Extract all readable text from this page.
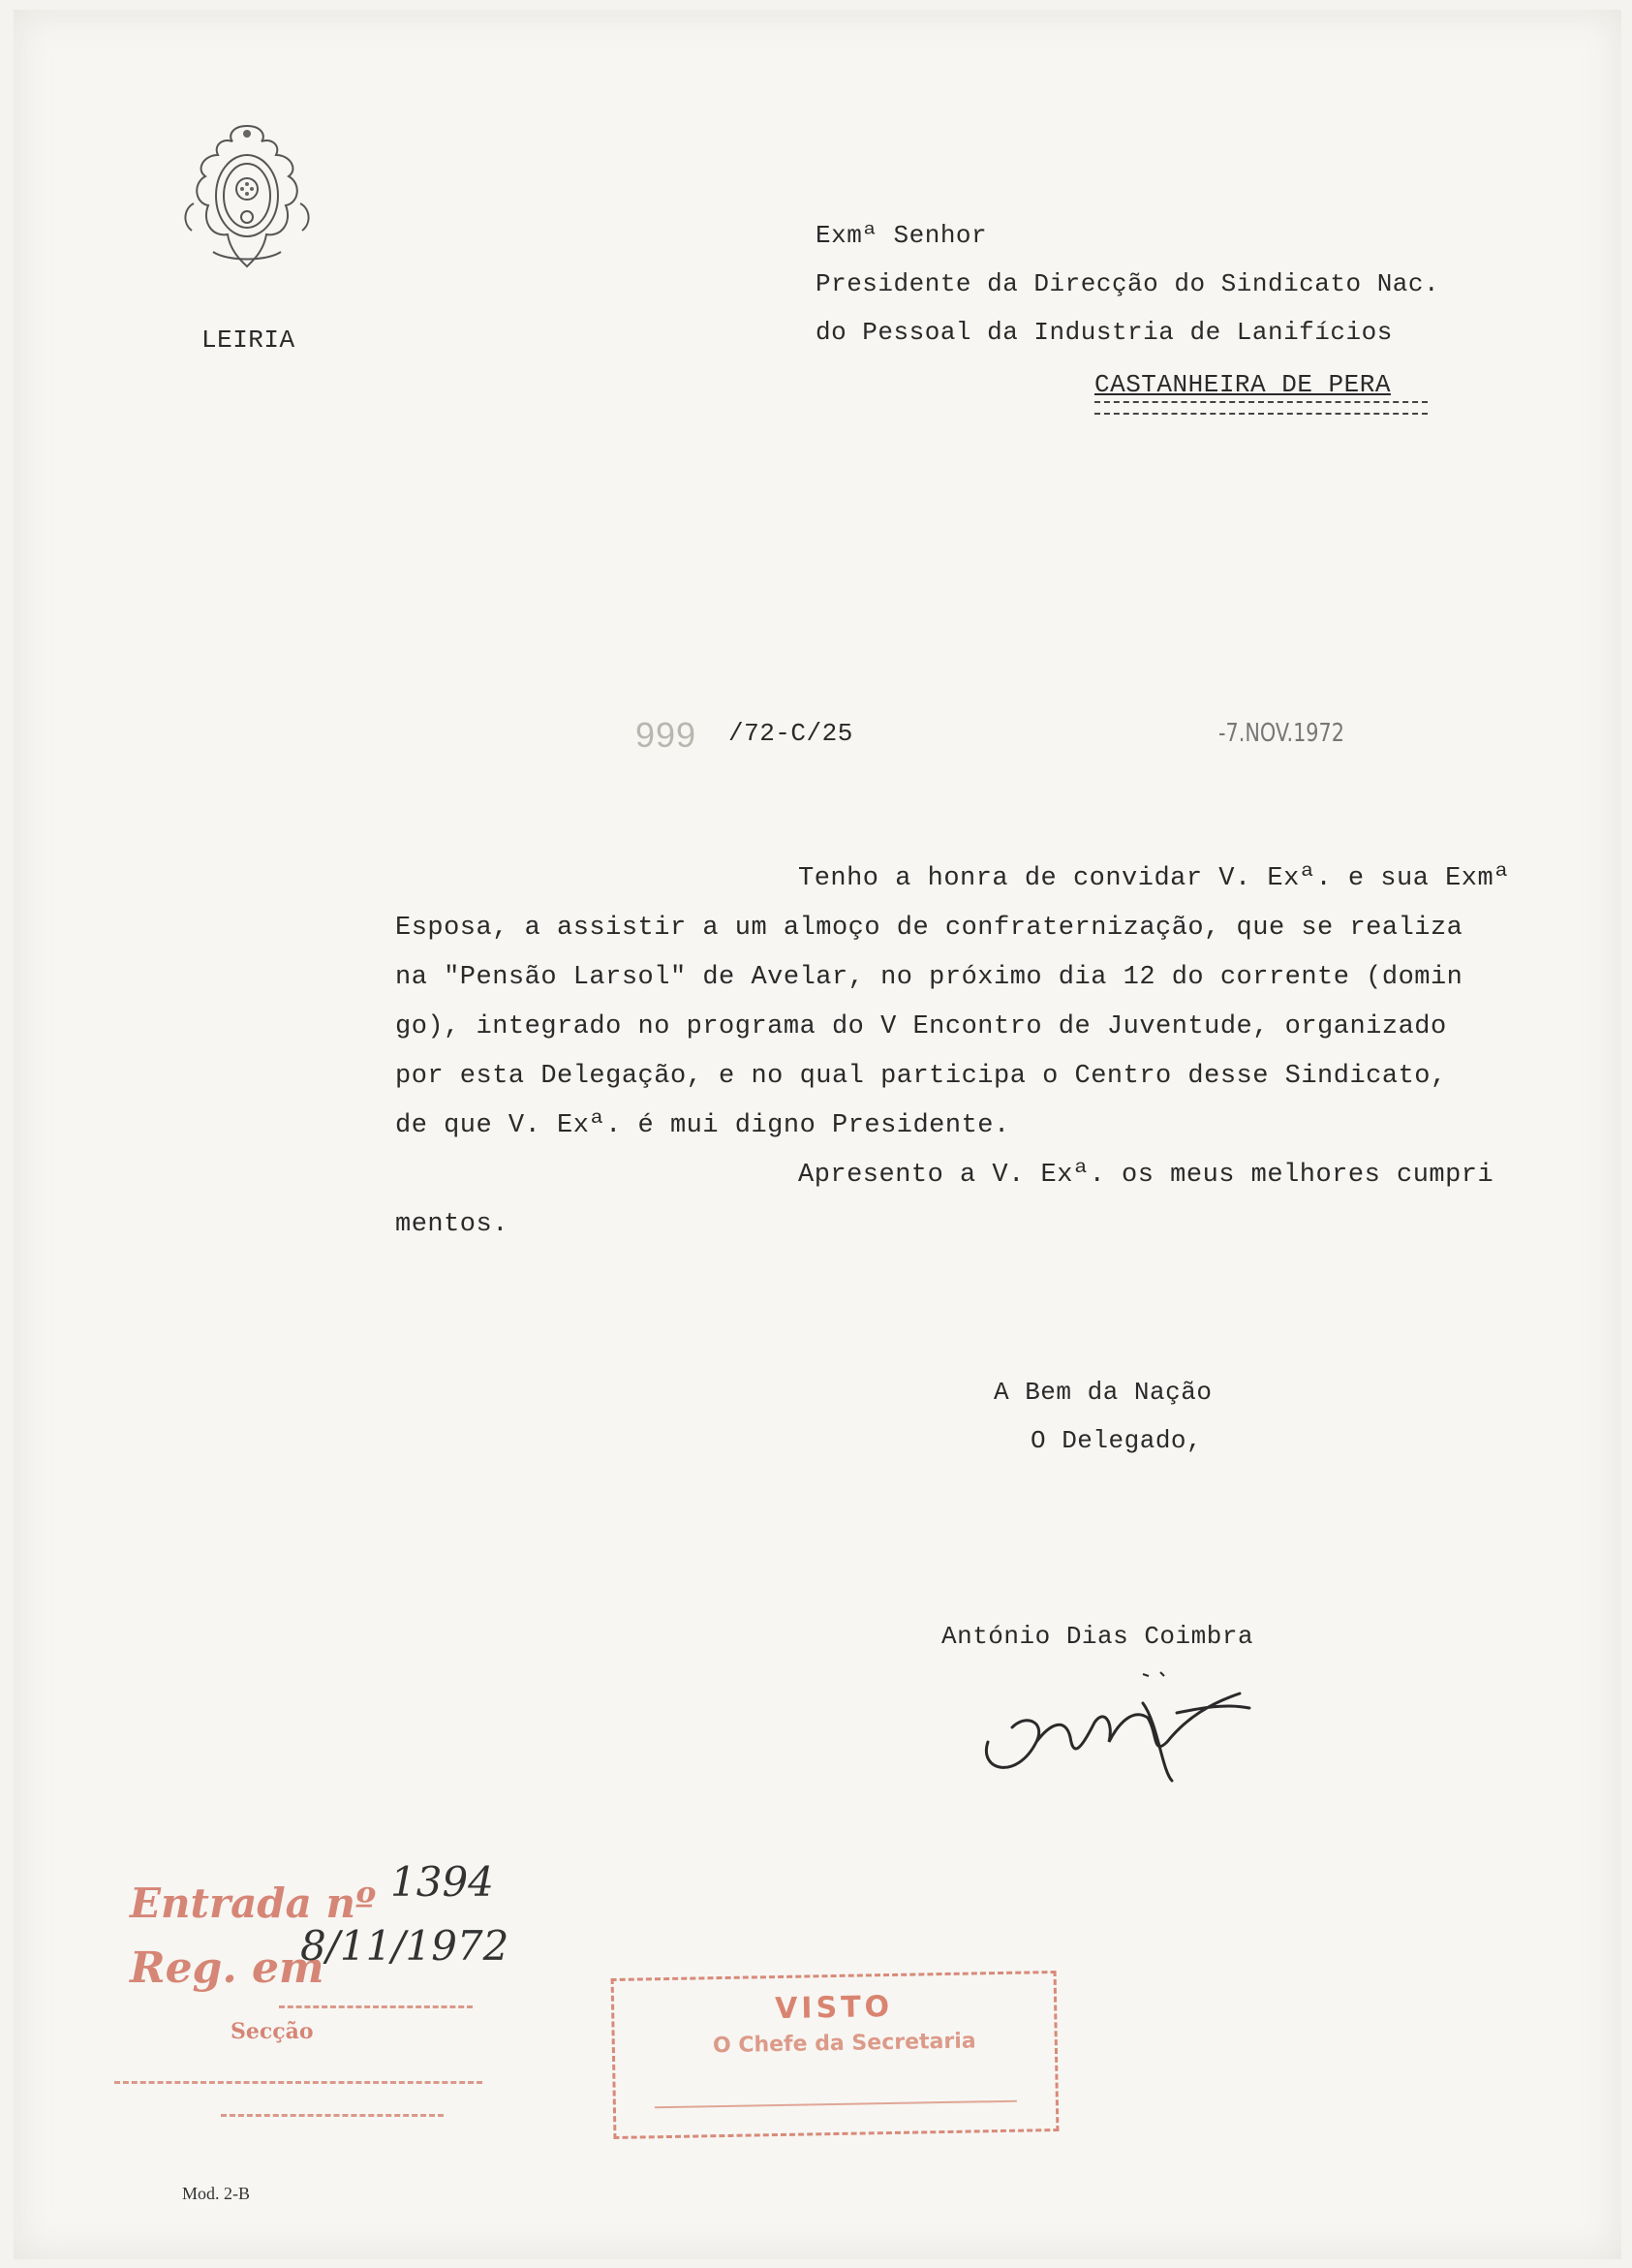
LEIRIA
Exmª Senhor
Presidente da Direcção do Sindicato Nac.
do Pessoal da Industria de Lanifícios
CASTANHEIRA DE PERA
999 /72-C/25	-7.NOV.1972
Tenho a honra de convidar V. Exª. e sua Exmª
Esposa, a assistir a um almoço de confraternização, que se realiza
na "Pensão Larsol" de Avelar, no próximo dia 12 do corrente (domin
go), integrado no programa do V Encontro de Juventude, organizado
por esta Delegação, e no qual participa o Centro desse Sindicato,
de que V. Exª. é mui digno Presidente.
Apresento a V. Exª. os meus melhores cumpri
mentos.
A Bem da Nação
O Delegado,
António Dias Coimbra
Entrada nº
Reg. em
Secção
1394
8/11/1972
VISTO
O Chefe da Secretaria
Mod. 2-B
